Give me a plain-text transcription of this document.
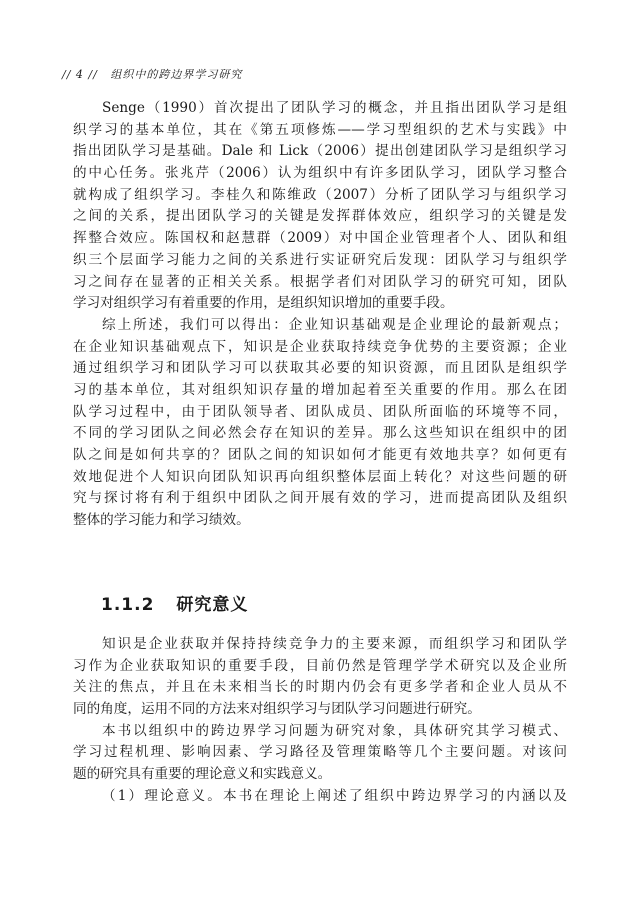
// 4 // 组织中的跨边界学习研究
Senge（1990）首次提出了团队学习的概念，并且指出团队学习是组
织学习的基本单位，其在《第五项修炼——学习型组织的艺术与实践》中
指出团队学习是基础。Dale 和 Lick（2006）提出创建团队学习是组织学习
的中心任务。张兆芹（2006）认为组织中有许多团队学习，团队学习整合
就构成了组织学习。李桂久和陈维政（2007）分析了团队学习与组织学习
之间的关系，提出团队学习的关键是发挥群体效应，组织学习的关键是发
挥整合效应。陈国权和赵慧群（2009）对中国企业管理者个人、团队和组
织三个层面学习能力之间的关系进行实证研究后发现：团队学习与组织学
习之间存在显著的正相关关系。根据学者们对团队学习的研究可知，团队
学习对组织学习有着重要的作用，是组织知识增加的重要手段。
综上所述，我们可以得出：企业知识基础观是企业理论的最新观点；
在企业知识基础观点下，知识是企业获取持续竞争优势的主要资源；企业
通过组织学习和团队学习可以获取其必要的知识资源，而且团队是组织学
习的基本单位，其对组织知识存量的增加起着至关重要的作用。那么在团
队学习过程中，由于团队领导者、团队成员、团队所面临的环境等不同，
不同的学习团队之间必然会存在知识的差异。那么这些知识在组织中的团
队之间是如何共享的？团队之间的知识如何才能更有效地共享？如何更有
效地促进个人知识向团队知识再向组织整体层面上转化？对这些问题的研
究与探讨将有利于组织中团队之间开展有效的学习，进而提高团队及组织
整体的学习能力和学习绩效。
1.1.2 研究意义
知识是企业获取并保持持续竞争力的主要来源，而组织学习和团队学
习作为企业获取知识的重要手段，目前仍然是管理学学术研究以及企业所
关注的焦点，并且在未来相当长的时期内仍会有更多学者和企业人员从不
同的角度，运用不同的方法来对组织学习与团队学习问题进行研究。
本书以组织中的跨边界学习问题为研究对象，具体研究其学习模式、
学习过程机理、影响因素、学习路径及管理策略等几个主要问题。对该问
题的研究具有重要的理论意义和实践意义。
（1）理论意义。本书在理论上阐述了组织中跨边界学习的内涵以及
